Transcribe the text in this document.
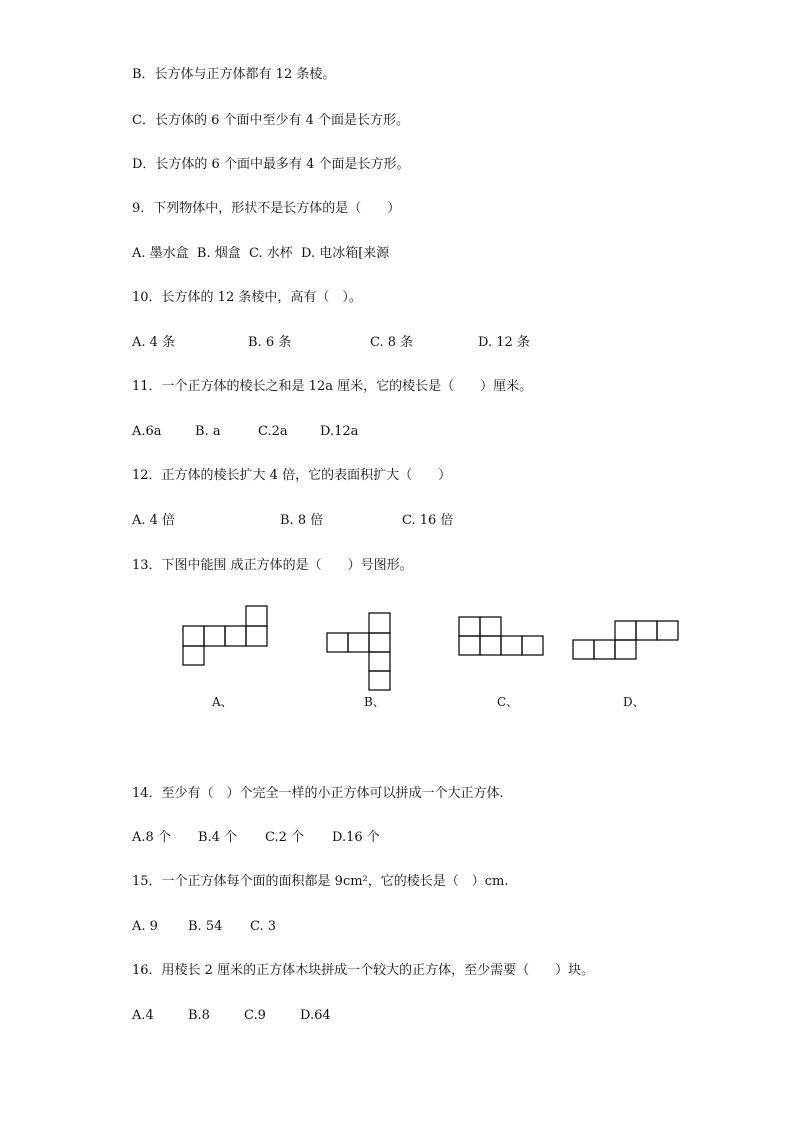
B．长方体与正方体都有 12 条棱。
C．长方体的 6 个面中至少有 4 个面是长方形。
D．长方体的 6 个面中最多有 4 个面是长方形。
9．下列物体中，形状不是长方体的是（　　）
A. 墨水盒  B. 烟盒  C. 水杯  D. 电冰箱[来源
10．长方体的 12 条棱中，高有（　）。
A. 4 条	B. 6 条	C. 8 条	D. 12 条
11．一个正方体的棱长之和是 12a 厘米，它的棱长是（　　）厘米。
A.6a	B. a	C.2a D.12a
12．正方体的棱长扩大 4 倍，它的表面积扩大（　　）
A. 4 倍	B. 8 倍	C. 16 倍
13．下图中能围 成正方体的是（　　）号图形。
A、	B、	C、	D、
14．至少有（　）个完全一样的小正方体可以拼成一个大正方体.
A.8 个 B.4 个 C.2 个 D.16 个
15．一个正方体每个面的面积都是 9cm²，它的棱长是（　）cm.
A. 9 B. 54 C. 3
16．用棱长 2 厘米的正方体木块拼成一个较大的正方体，至少需要（　　）块。
A.4	B.8	C.9	D.64
